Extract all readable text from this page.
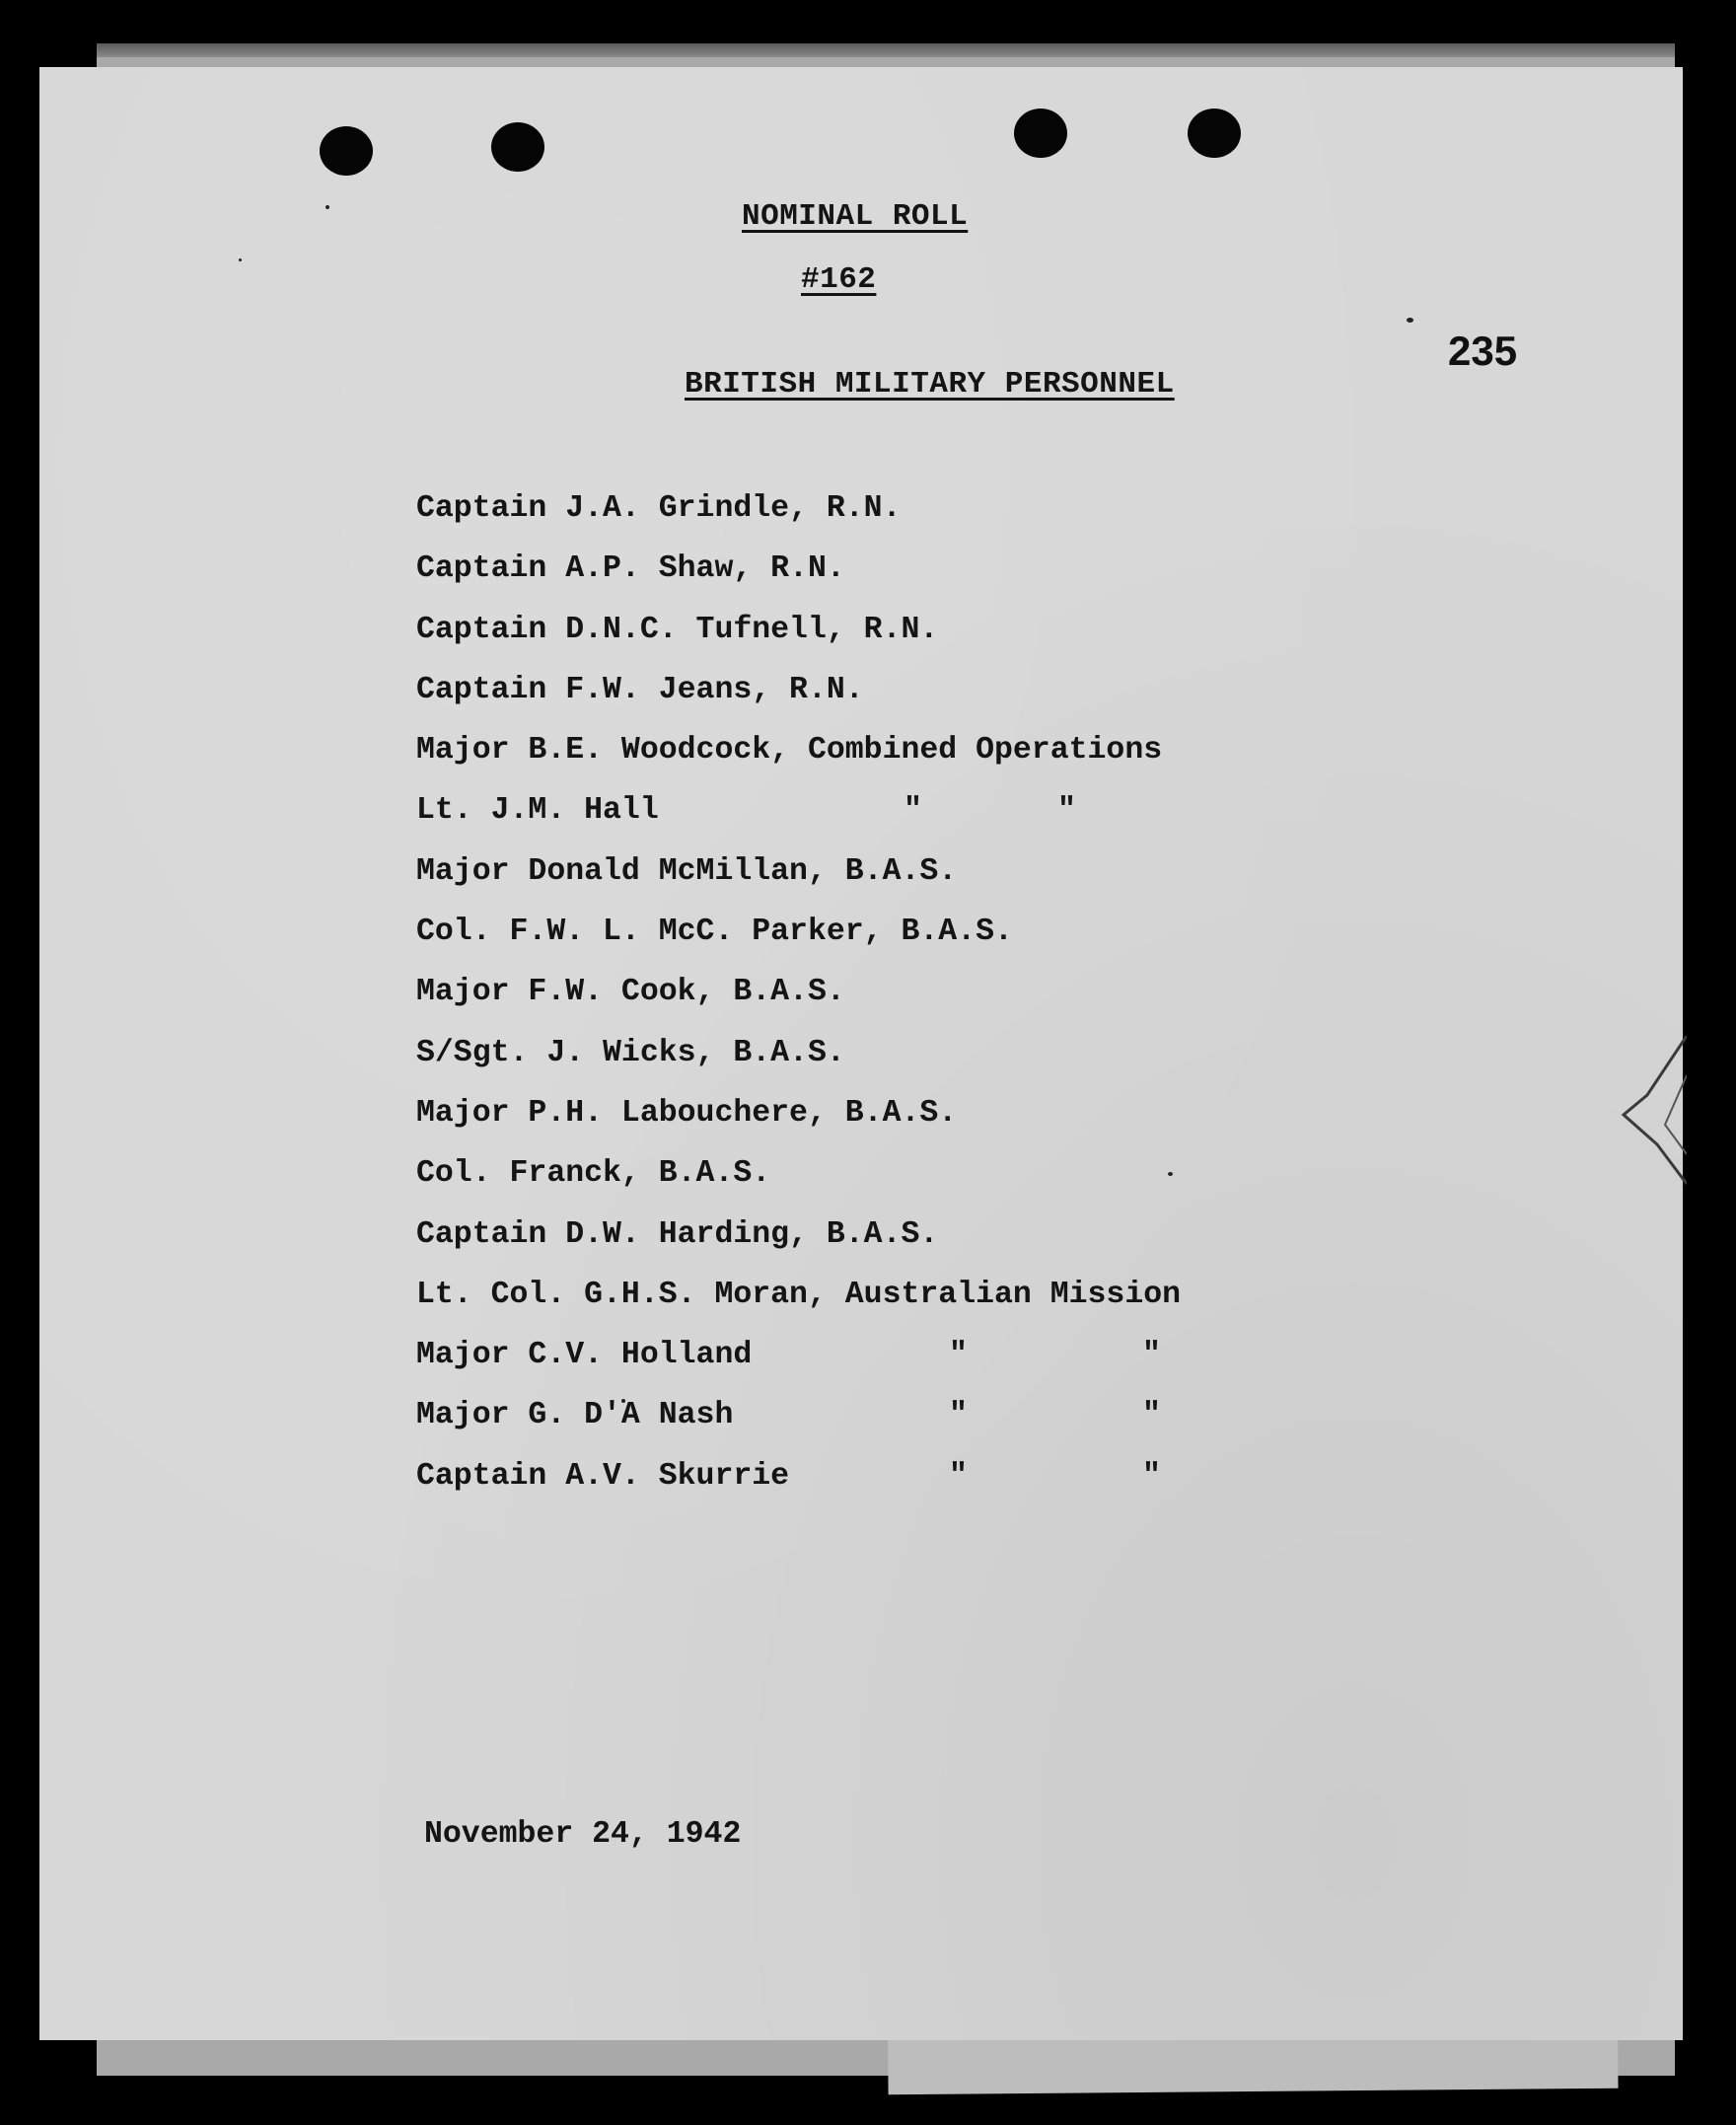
NOMINAL ROLL
#162
BRITISH MILITARY PERSONNEL
235
Captain J.A. Grindle, R.N.
Captain A.P. Shaw, R.N.
Captain D.N.C. Tufnell, R.N.
Captain F.W. Jeans, R.N.
Major B.E. Woodcock, Combined Operations
Lt. J.M. Hall	"	"
Major Donald McMillan, B.A.S.
Col. F.W. L. McC. Parker, B.A.S.
Major F.W. Cook, B.A.S.
S/Sgt. J. Wicks, B.A.S.
Major P.H. Labouchere, B.A.S.
Col. Franck, B.A.S.
Captain D.W. Harding, B.A.S.
Lt. Col. G.H.S. Moran, Australian Mission
Major C.V. Holland	"	"
Major G. D'A Nash	"	"
Captain A.V. Skurrie	"	"
November 24, 1942
